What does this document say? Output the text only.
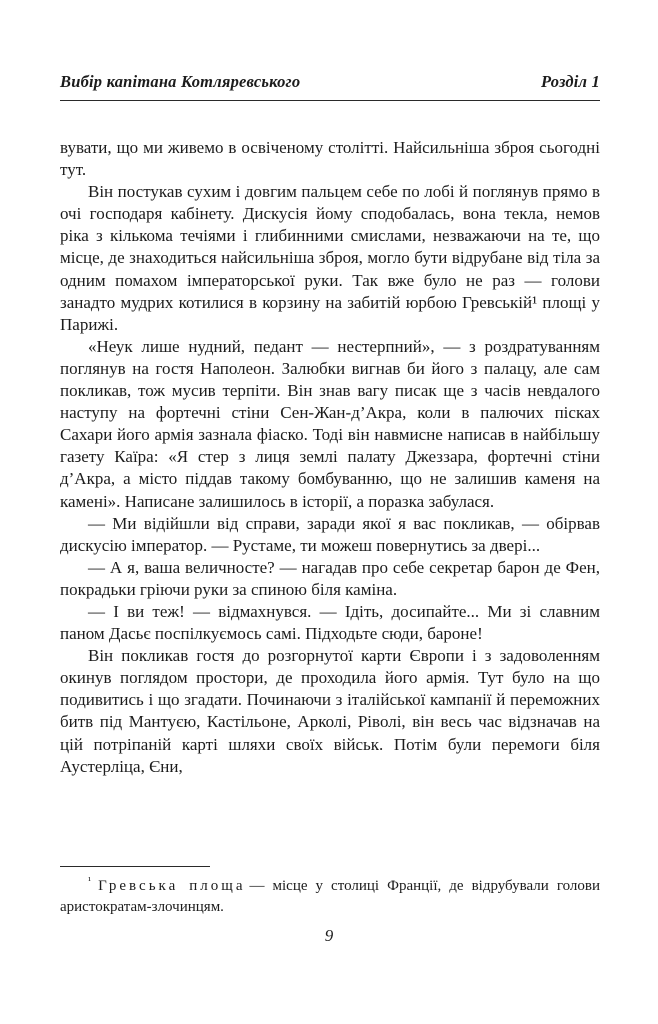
Вибір капітана Котляревського	Розділ 1

вувати, що ми живемо в освіченому столітті. Найсильніша зброя сьогодні тут.

Він постукав сухим і довгим пальцем себе по лобі й поглянув прямо в очі господаря кабінету. Дискусія йому сподобалась, вона текла, немов ріка з кількома течіями і глибинними смислами, незважаючи на те, що місце, де знаходиться найсильніша зброя, могло бути відрубане від тіла за одним помахом імператорської руки. Так вже було не раз — голови занадто мудрих котилися в корзину на забитій юрбою Гревській¹ площі у Парижі.

«Неук лише нудний, педант — нестерпний», — з роздратуванням поглянув на гостя Наполеон. Залюбки вигнав би його з палацу, але сам покликав, тож мусив терпіти. Він знав вагу писак ще з часів невдалого наступу на фортечні стіни Сен-Жан-д’Акра, коли в палючих пісках Сахари його армія зазнала фіаско. Тоді він навмисне написав в найбільшу газету Каїра: «Я стер з лиця землі палату Джеззара, фортечні стіни д’Акра, а місто піддав такому бомбуванню, що не залишив каменя на камені». Написане залишилось в історії, а поразка забулася.

— Ми відійшли від справи, заради якої я вас покликав, — обірвав дискусію імператор. — Рустаме, ти можеш повернутись за двері...

— А я, ваша величносте? — нагадав про себе секретар барон де Фен, покрадьки гріючи руки за спиною біля каміна.

— І ви теж! — відмахнувся. — Ідіть, досипайте... Ми зі славним паном Дасьє поспілкуємось самі. Підходьте сюди, бароне!

Він покликав гостя до розгорнутої карти Європи і з задоволенням окинув поглядом простори, де проходила його армія. Тут було на що подивитись і що згадати. Починаючи з італійської кампанії й переможних битв під Мантуєю, Кастільоне, Арколі, Ріволі, він весь час відзначав на цій потріпаній карті шляхи своїх військ. Потім були перемоги біля Аустерліца, Єни,

$^{^1}$ Гревська площа — місце у столиці Франції, де відрубували голови аристократам-злочинцям.

9
